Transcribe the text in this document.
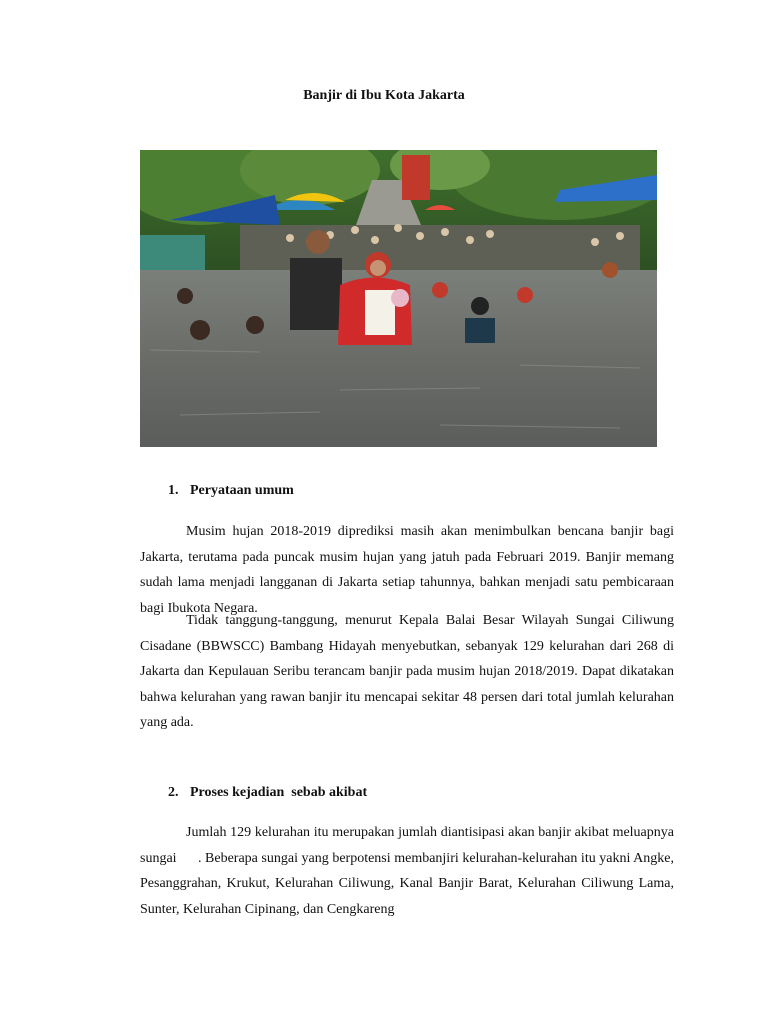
Banjir di Ibu Kota Jakarta
1. Peryataan umum

Musim hujan 2018-2019 diprediksi masih akan menimbulkan bencana banjir bagi Jakarta, terutama pada puncak musim hujan yang jatuh pada Februari 2019. Banjir memang sudah lama menjadi langganan di Jakarta setiap tahunnya, bahkan menjadi satu pembicaraan bagi Ibukota Negara.

Tidak tanggung-tanggung, menurut Kepala Balai Besar Wilayah Sungai Ciliwung Cisadane (BBWSCC) Bambang Hidayah menyebutkan, sebanyak 129 kelurahan dari 268 di Jakarta dan Kepulauan Seribu terancam banjir pada musim hujan 2018/2019. Dapat dikatakan bahwa kelurahan yang rawan banjir itu mencapai sekitar 48 persen dari total jumlah kelurahan yang ada.

2. Proses kejadian  sebab akibat

Jumlah 129 kelurahan itu merupakan jumlah diantisipasi akan banjir akibat meluapnya sungai      . Beberapa sungai yang berpotensi membanjiri kelurahan-kelurahan itu yakni Angke, Pesanggrahan, Krukut, Kelurahan Ciliwung, Kanal Banjir Barat, Kelurahan Ciliwung Lama, Sunter, Kelurahan Cipinang, dan Cengkareng
